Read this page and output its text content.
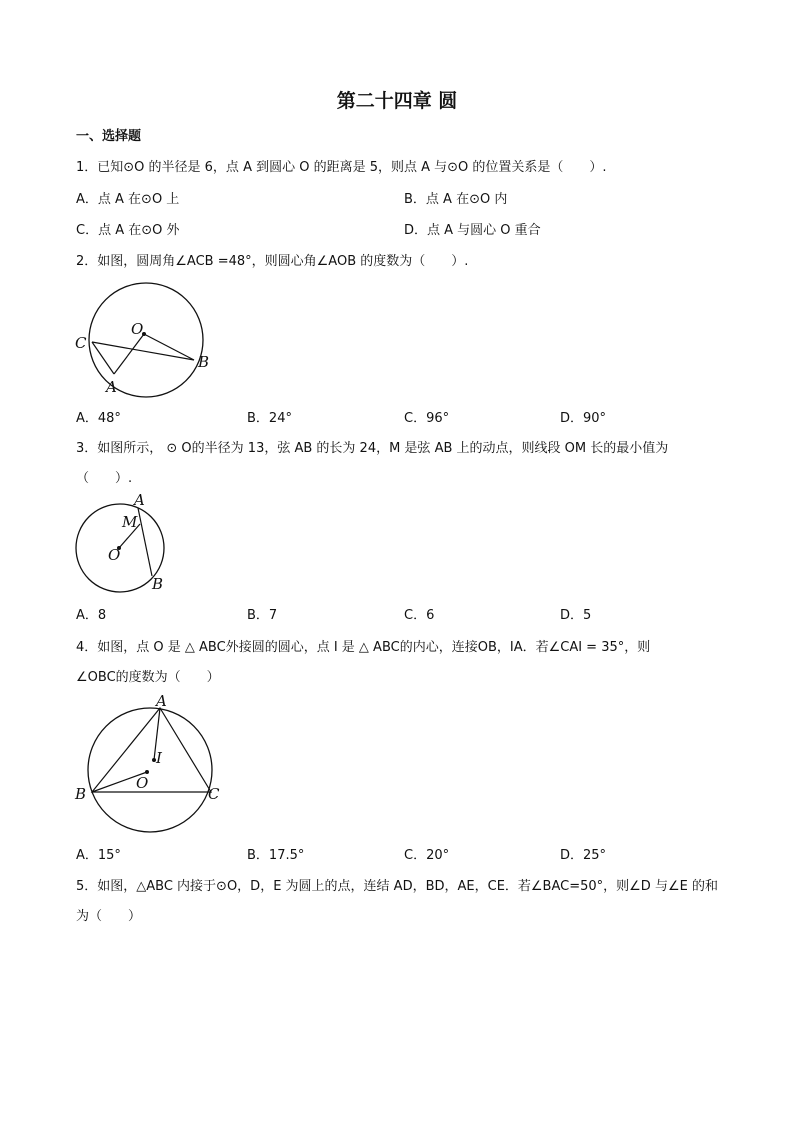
第二十四章 圆
一、选择题
1．已知⊙O 的半径是 6，点 A 到圆心 O 的距离是 5，则点 A 与⊙O 的位置关系是（　　）.
A．点 A 在⊙O 上	B．点 A 在⊙O 内
C．点 A 在⊙O 外	D．点 A 与圆心 O 重合
2．如图，圆周角∠ACB =48°，则圆心角∠AOB 的度数为（　　）.
O
C
B
A
A．48°	B．24°	C．96°	D．90°
3．如图所示， ⊙ O的半径为 13，弦 AB 的长为 24，M 是弦 AB 上的动点，则线段 OM 长的最小值为
（　　）.
A
M
O
B
A．8	B．7	C．6	D．5
4．如图，点 O 是 △ ABC外接圆的圆心，点 I 是 △ ABC的内心，连接OB，IA．若∠CAI = 35°，则
∠OBC的度数为（　　）
A
I
O
B	C
A．15°	B．17.5°	C．20°	D．25°
5．如图，△ABC 内接于⊙O，D，E 为圆上的点，连结 AD，BD，AE，CE．若∠BAC=50°，则∠D 与∠E 的和
为（　　）
